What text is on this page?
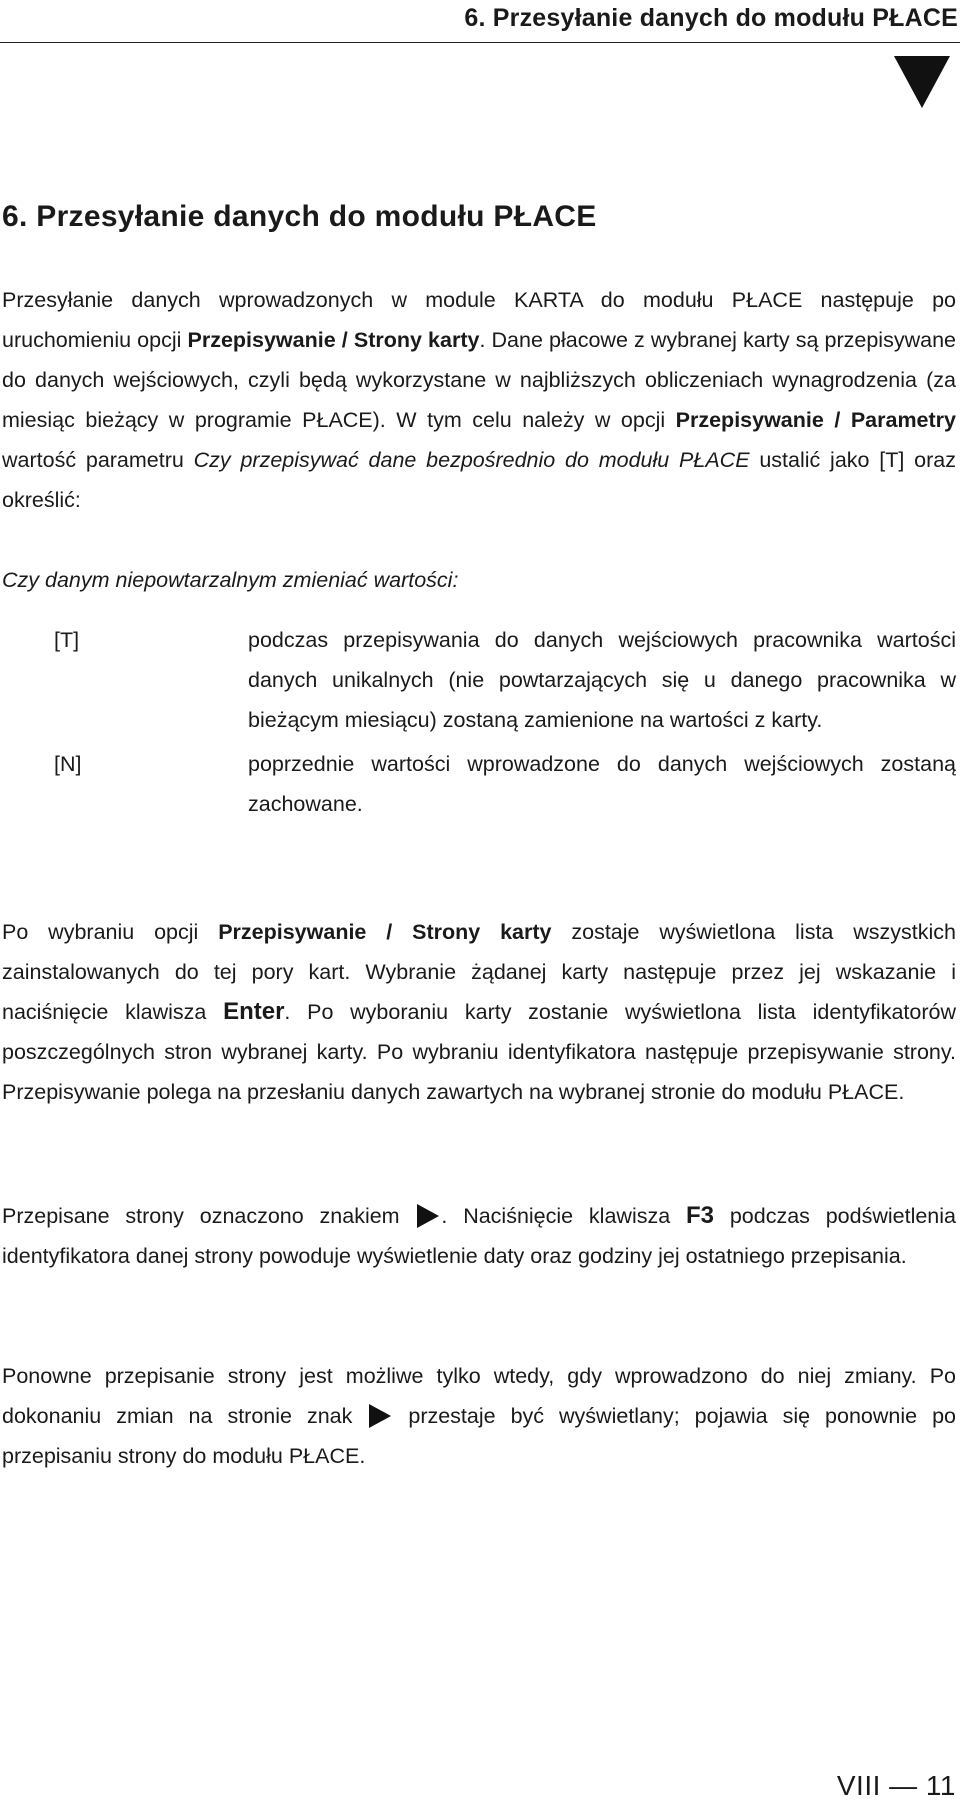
6. Przesyłanie danych do modułu PŁACE
6. Przesyłanie danych do modułu PŁACE

Przesyłanie danych wprowadzonych w module KARTA do modułu PŁACE następuje po uruchomieniu opcji Przepisywanie / Strony karty. Dane płacowe z wybranej karty są przepisywane do danych wejściowych, czyli będą wykorzystane w najbliższych obliczeniach wynagrodzenia (za miesiąc bieżący w programie PŁACE). W tym celu należy w opcji Przepisywanie / Parametry wartość parametru Czy przepisywać dane bezpośrednio do modułu PŁACE ustalić jako [T] oraz określić:

Czy danym niepowtarzalnym zmieniać wartości:

[T]	podczas przepisywania do danych wejściowych pracownika wartości danych unikalnych (nie powtarzających się u danego pracownika w bieżącym miesiącu) zostaną zamienione na wartości z karty.
[N]	poprzednie wartości wprowadzone do danych wejściowych zostaną zachowane.

Po wybraniu opcji Przepisywanie / Strony karty zostaje wyświetlona lista wszystkich zainstalowanych do tej pory kart. Wybranie żądanej karty następuje przez jej wskazanie i naciśnięcie klawisza Enter. Po wyboraniu karty zostanie wyświetlona lista identyfikatorów poszczególnych stron wybranej karty. Po wybraniu identyfikatora następuje przepisywanie strony. Przepisywanie polega na przesłaniu danych zawartych na wybranej stronie do modułu PŁACE.

Przepisane strony oznaczono znakiem . Naciśnięcie klawisza F3 podczas podświetlenia identyfikatora danej strony powoduje wyświetlenie daty oraz godziny jej ostatniego przepisania.

Ponowne przepisanie strony jest możliwe tylko wtedy, gdy wprowadzono do niej zmiany. Po dokonaniu zmian na stronie znak  przestaje być wyświetlany; pojawia się ponownie po przepisaniu strony do modułu PŁACE.

VIII — 11
